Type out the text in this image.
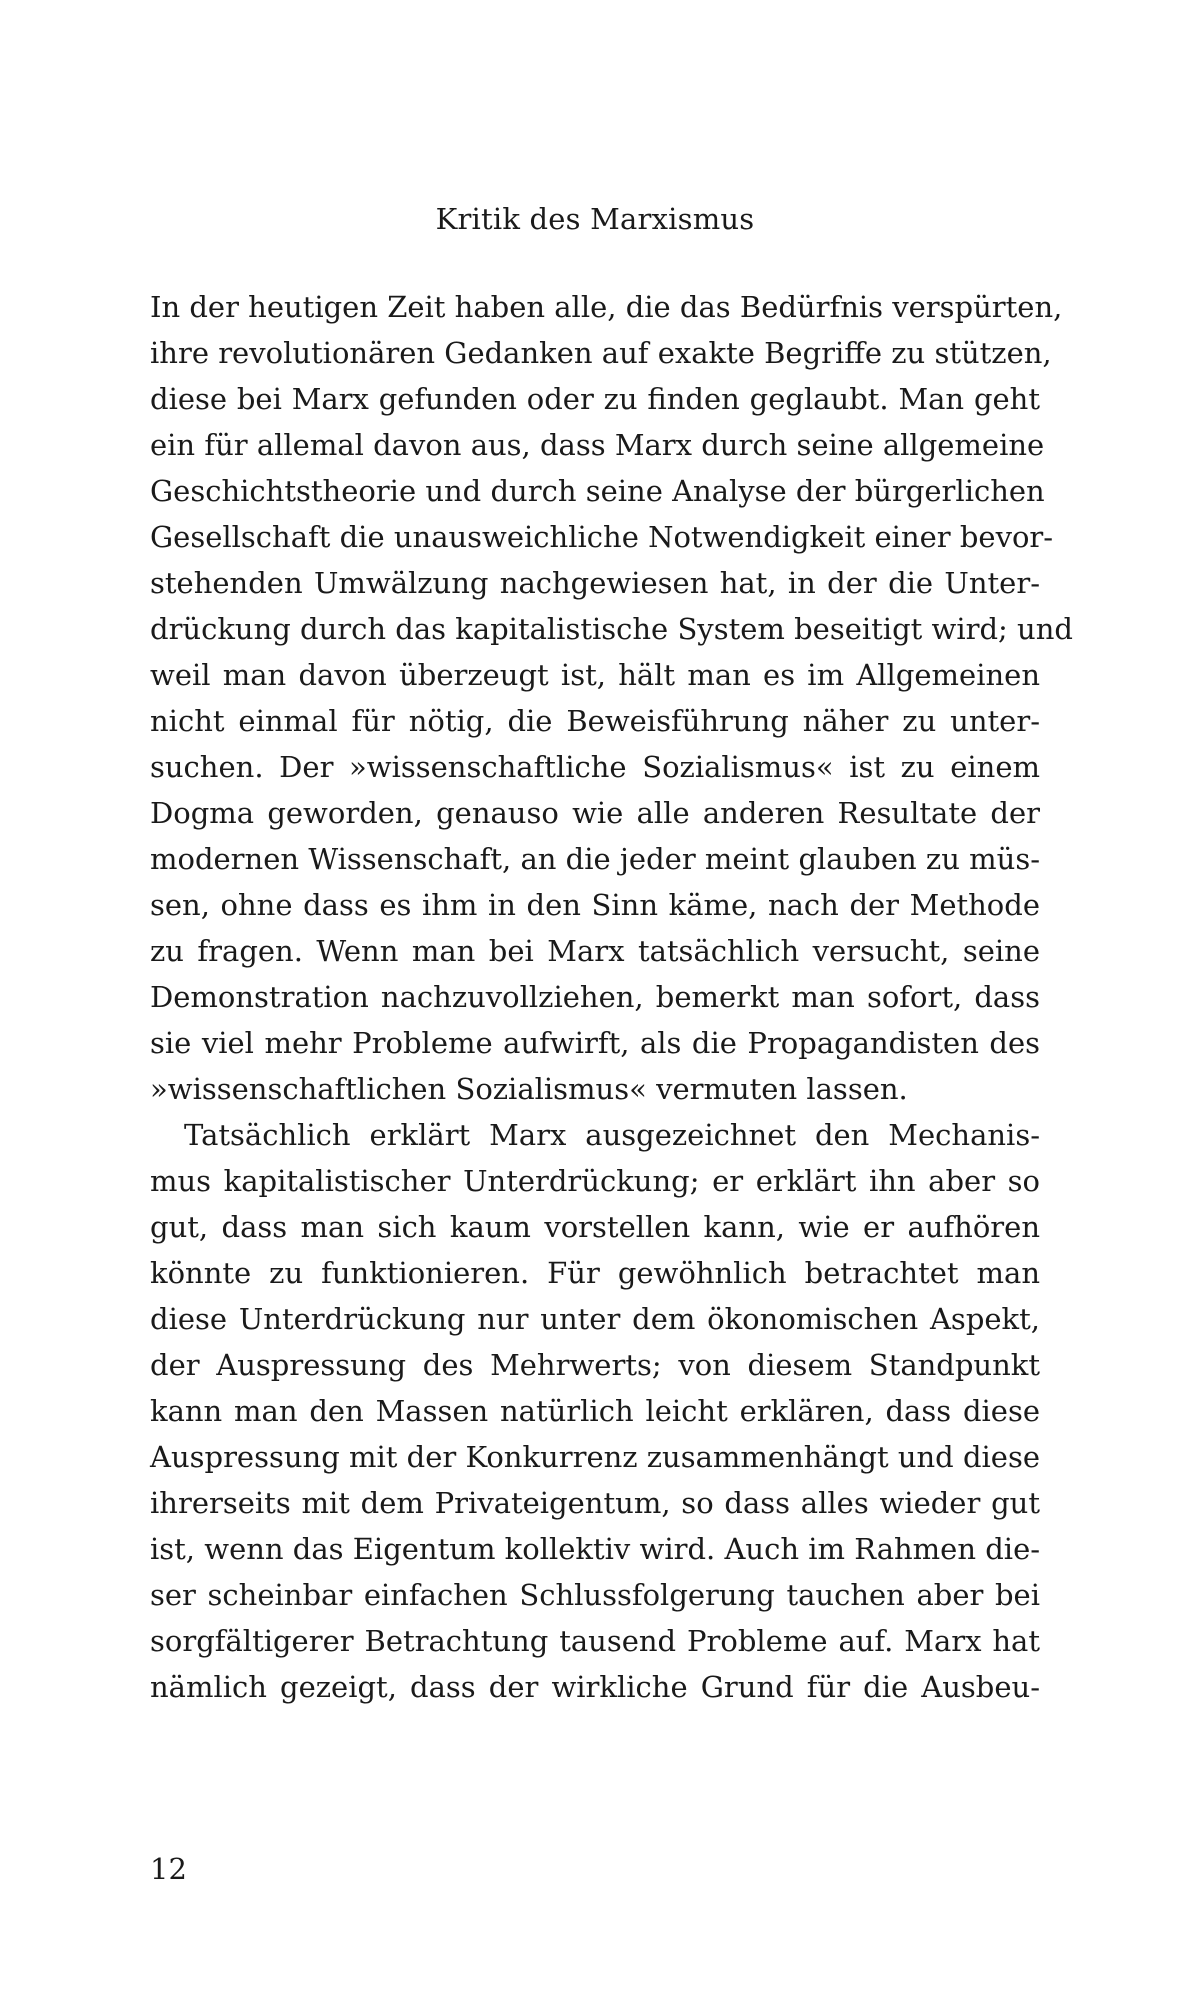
Kritik des Marxismus
In der heutigen Zeit haben alle, die das Bedürfnis verspürten,
ihre revolutionären Gedanken auf exakte Begriffe zu stützen,
diese bei Marx gefunden oder zu finden geglaubt. Man geht
ein für allemal davon aus, dass Marx durch seine allgemeine
Geschichtstheorie und durch seine Analyse der bürgerlichen
Gesellschaft die unausweichliche Notwendigkeit einer bevor-
stehenden Umwälzung nachgewiesen hat, in der die Unter-
drückung durch das kapitalistische System beseitigt wird; und
weil man davon überzeugt ist, hält man es im Allgemeinen
nicht einmal für nötig, die Beweisführung näher zu unter-
suchen. Der »wissenschaftliche Sozialismus« ist zu einem
Dogma geworden, genauso wie alle anderen Resultate der
modernen Wissenschaft, an die jeder meint glauben zu müs-
sen, ohne dass es ihm in den Sinn käme, nach der Methode
zu fragen. Wenn man bei Marx tatsächlich versucht, seine
Demonstration nachzuvollziehen, bemerkt man sofort, dass
sie viel mehr Probleme aufwirft, als die Propagandisten des
»wissenschaftlichen Sozialismus« vermuten lassen.
Tatsächlich erklärt Marx ausgezeichnet den Mechanis-
mus kapitalistischer Unterdrückung; er erklärt ihn aber so
gut, dass man sich kaum vorstellen kann, wie er aufhören
könnte zu funktionieren. Für gewöhnlich betrachtet man
diese Unterdrückung nur unter dem ökonomischen Aspekt,
der Auspressung des Mehrwerts; von diesem Standpunkt
kann man den Massen natürlich leicht erklären, dass diese
Auspressung mit der Konkurrenz zusammenhängt und diese
ihrerseits mit dem Privateigentum, so dass alles wieder gut
ist, wenn das Eigentum kollektiv wird. Auch im Rahmen die-
ser scheinbar einfachen Schlussfolgerung tauchen aber bei
sorgfältigerer Betrachtung tausend Probleme auf. Marx hat
nämlich gezeigt, dass der wirkliche Grund für die Ausbeu-
12
